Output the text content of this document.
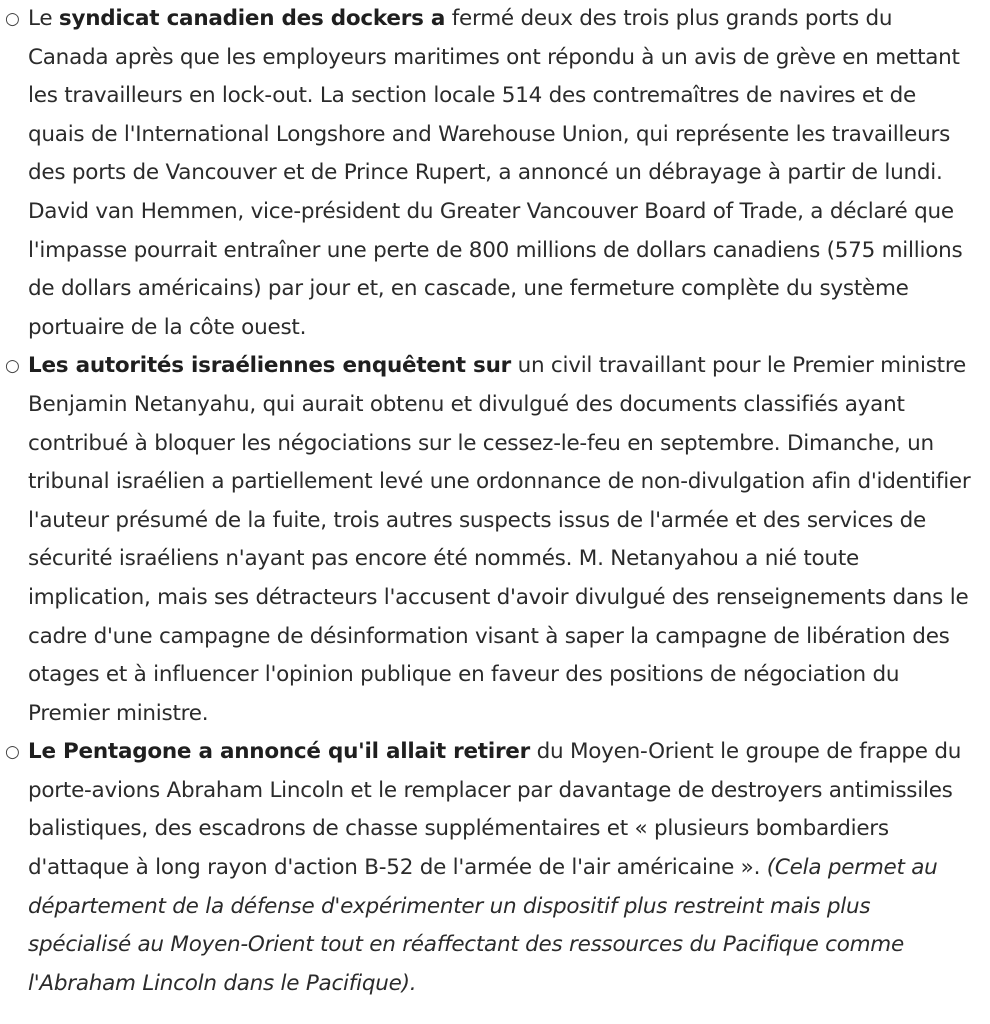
○ Le syndicat canadien des dockers a fermé deux des trois plus grands ports du Canada après que les employeurs maritimes ont répondu à un avis de grève en mettant les travailleurs en lock-out. La section locale 514 des contremaîtres de navires et de quais de l'International Longshore and Warehouse Union, qui représente les travailleurs des ports de Vancouver et de Prince Rupert, a annoncé un débrayage à partir de lundi. David van Hemmen, vice-président du Greater Vancouver Board of Trade, a déclaré que l'impasse pourrait entraîner une perte de 800 millions de dollars canadiens (575 millions de dollars américains) par jour et, en cascade, une fermeture complète du système portuaire de la côte ouest.
○ Les autorités israéliennes enquêtent sur un civil travaillant pour le Premier ministre Benjamin Netanyahu, qui aurait obtenu et divulgué des documents classifiés ayant contribué à bloquer les négociations sur le cessez-le-feu en septembre. Dimanche, un tribunal israélien a partiellement levé une ordonnance de non-divulgation afin d'identifier l'auteur présumé de la fuite, trois autres suspects issus de l'armée et des services de sécurité israéliens n'ayant pas encore été nommés. M. Netanyahou a nié toute implication, mais ses détracteurs l'accusent d'avoir divulgué des renseignements dans le cadre d'une campagne de désinformation visant à saper la campagne de libération des otages et à influencer l'opinion publique en faveur des positions de négociation du Premier ministre.
○ Le Pentagone a annoncé qu'il allait retirer du Moyen-Orient le groupe de frappe du porte-avions Abraham Lincoln et le remplacer par davantage de destroyers antimissiles balistiques, des escadrons de chasse supplémentaires et « plusieurs bombardiers d'attaque à long rayon d'action B-52 de l'armée de l'air américaine ». (Cela permet au département de la défense d'expérimenter un dispositif plus restreint mais plus spécialisé au Moyen-Orient tout en réaffectant des ressources du Pacifique comme l'Abraham Lincoln dans le Pacifique).
